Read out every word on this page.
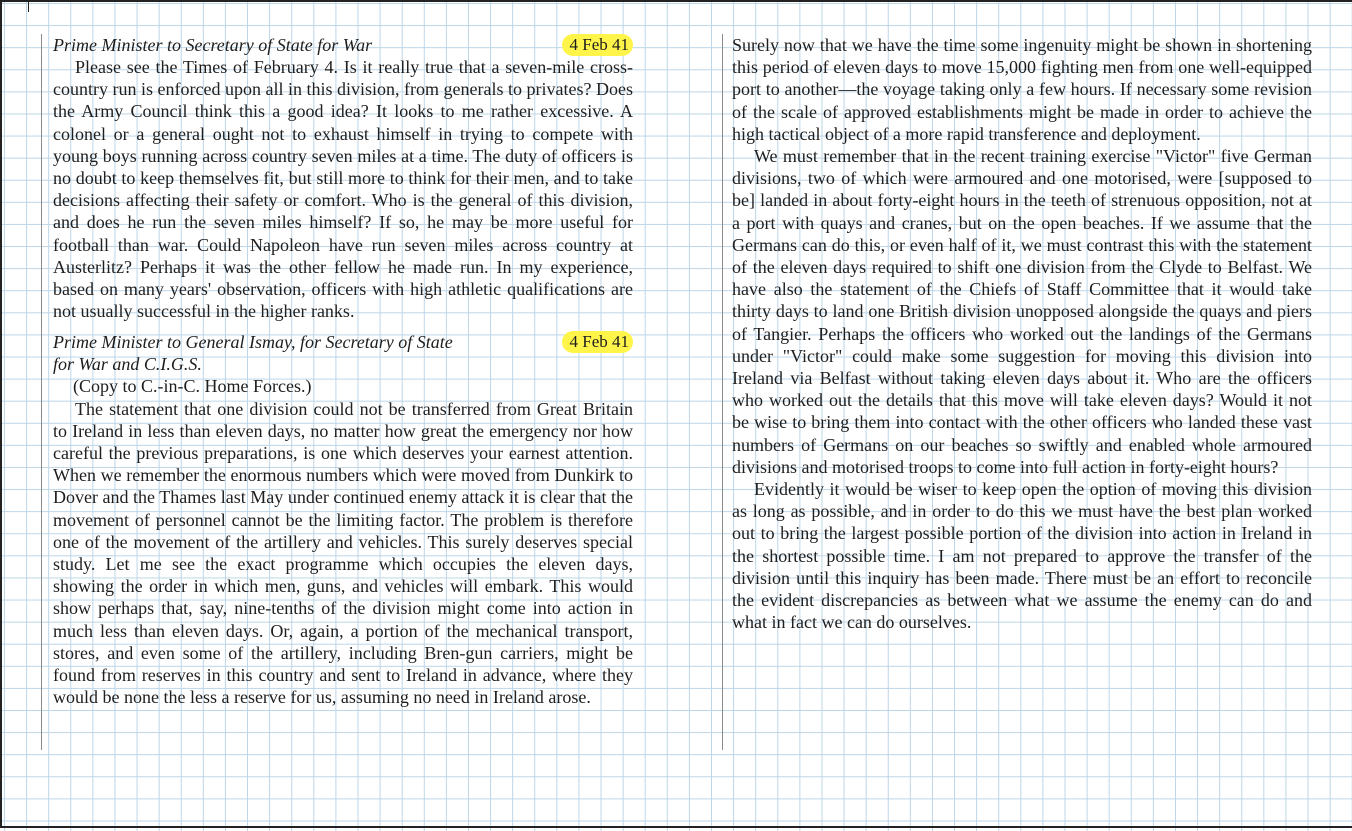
Prime Minister to Secretary of State for War	4 Feb 41

Please see the Times of February 4. Is it really true that a seven-mile cross-country run is enforced upon all in this division, from generals to privates? Does the Army Council think this a good idea? It looks to me rather excessive. A colonel or a general ought not to exhaust himself in trying to compete with young boys running across country seven miles at a time. The duty of officers is no doubt to keep themselves fit, but still more to think for their men, and to take decisions affecting their safety or comfort. Who is the general of this division, and does he run the seven miles himself? If so, he may be more useful for football than war. Could Napoleon have run seven miles across country at Austerlitz? Perhaps it was the other fellow he made run. In my experience, based on many years' observation, officers with high athletic qualifications are not usually successful in the higher ranks.

Prime Minister to General Ismay, for Secretary of State for War and C.I.G.S.
4 Feb 41

(Copy to C.-in-C. Home Forces.)

The statement that one division could not be transferred from Great Britain to Ireland in less than eleven days, no matter how great the emergency nor how careful the previous preparations, is one which deserves your earnest attention. When we remember the enormous numbers which were moved from Dunkirk to Dover and the Thames last May under continued enemy attack it is clear that the movement of personnel cannot be the limiting factor. The problem is therefore one of the movement of the artillery and vehicles. This surely deserves special study. Let me see the exact programme which occupies the eleven days, showing the order in which men, guns, and vehicles will embark. This would show perhaps that, say, nine-tenths of the division might come into action in much less than eleven days. Or, again, a portion of the mechanical transport, stores, and even some of the artillery, including Bren-gun carriers, might be found from reserves in this country and sent to Ireland in advance, where they would be none the less a reserve for us, assuming no need in Ireland arose.

Surely now that we have the time some ingenuity might be shown in shortening this period of eleven days to move 15,000 fighting men from one well-equipped port to another—the voyage taking only a few hours. If necessary some revision of the scale of approved establishments might be made in order to achieve the high tactical object of a more rapid transference and deployment.

We must remember that in the recent training exercise "Victor" five German divisions, two of which were armoured and one motorised, were [supposed to be] landed in about forty-eight hours in the teeth of strenuous opposition, not at a port with quays and cranes, but on the open beaches. If we assume that the Germans can do this, or even half of it, we must contrast this with the statement of the eleven days required to shift one division from the Clyde to Belfast. We have also the statement of the Chiefs of Staff Committee that it would take thirty days to land one British division unopposed alongside the quays and piers of Tangier. Perhaps the officers who worked out the landings of the Germans under "Victor" could make some suggestion for moving this division into Ireland via Belfast without taking eleven days about it. Who are the officers who worked out the details that this move will take eleven days? Would it not be wise to bring them into contact with the other officers who landed these vast numbers of Germans on our beaches so swiftly and enabled whole armoured divisions and motorised troops to come into full action in forty-eight hours?

Evidently it would be wiser to keep open the option of moving this division as long as possible, and in order to do this we must have the best plan worked out to bring the largest possible portion of the division into action in Ireland in the shortest possible time. I am not prepared to approve the transfer of the division until this inquiry has been made. There must be an effort to reconcile the evident discrepancies as between what we assume the enemy can do and what in fact we can do ourselves.
